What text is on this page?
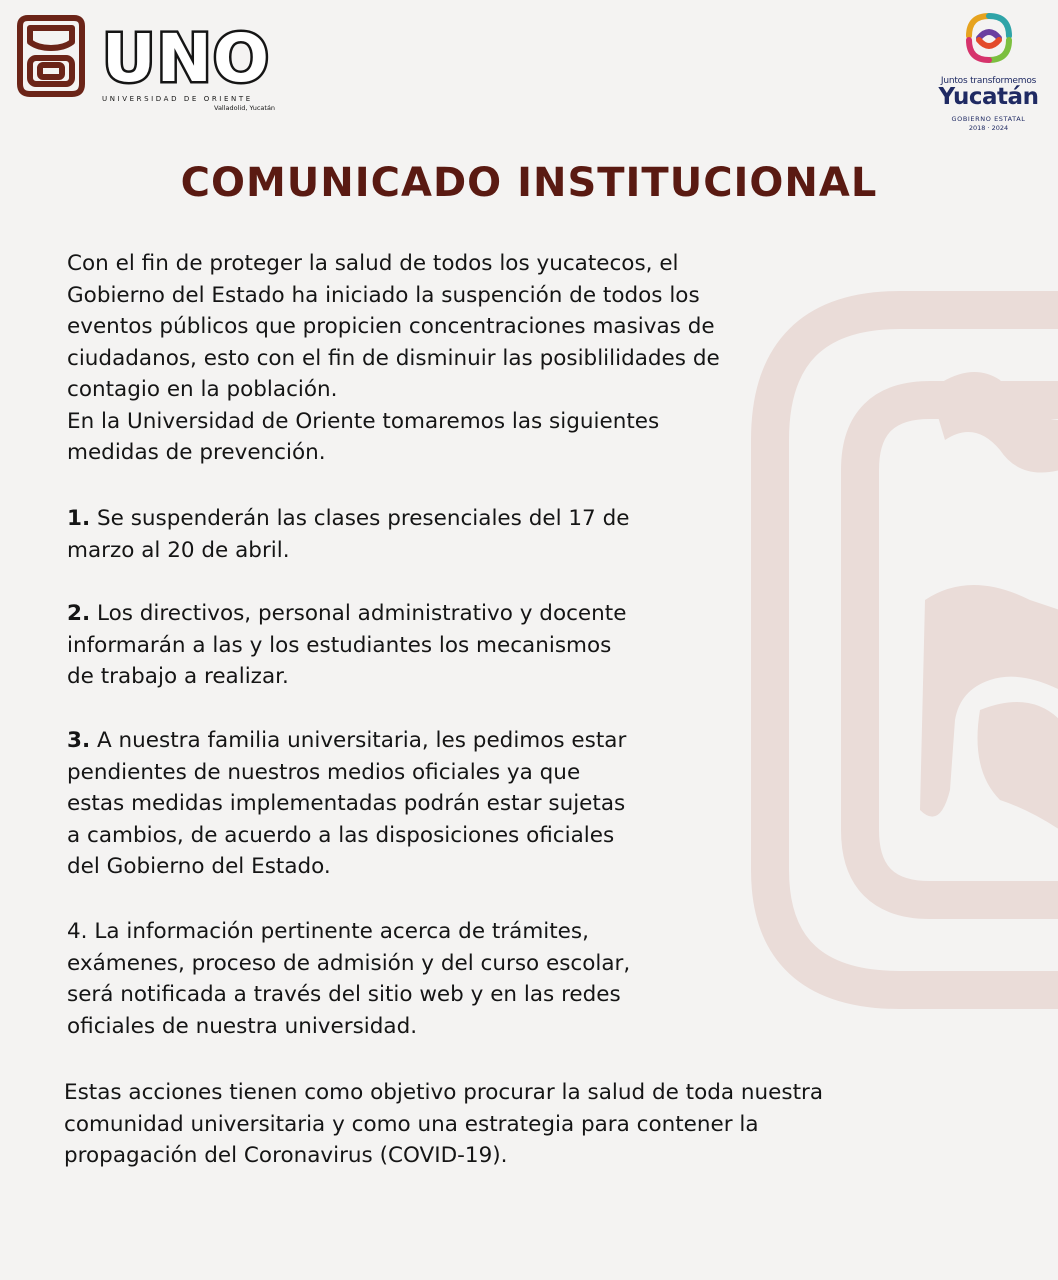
UNO
UNIVERSIDAD DE ORIENTE
Valladolid, Yucatán
Juntos transformemos
Yucatán
GOBIERNO ESTATAL
2018 · 2024
COMUNICADO INSTITUCIONAL

Con el fin de proteger la salud de todos los yucatecos, el Gobierno del Estado ha iniciado la suspención de todos los eventos públicos que propicien concentraciones masivas de ciudadanos, esto con el fin de disminuir las posiblilidades de contagio en la población.

En la Universidad de Oriente tomaremos las siguientes medidas de prevención.

1. Se suspenderán las clases presenciales del 17 de marzo al 20 de abril.
2. Los directivos, personal administrativo y docente informarán a las y los estudiantes los mecanismos de trabajo a realizar.
3. A nuestra familia universitaria, les pedimos estar pendientes de nuestros medios oficiales ya que estas medidas implementadas podrán estar sujetas a cambios, de acuerdo a las disposiciones oficiales del Gobierno del Estado.
4. La información pertinente acerca de trámites, exámenes, proceso de admisión y del curso escolar, será notificada a través del sitio web y en las redes oficiales de nuestra universidad.
Estas acciones tienen como objetivo procurar la salud de toda nuestra comunidad universitaria y como una estrategia para contener la propagación del Coronavirus (COVID-19).
